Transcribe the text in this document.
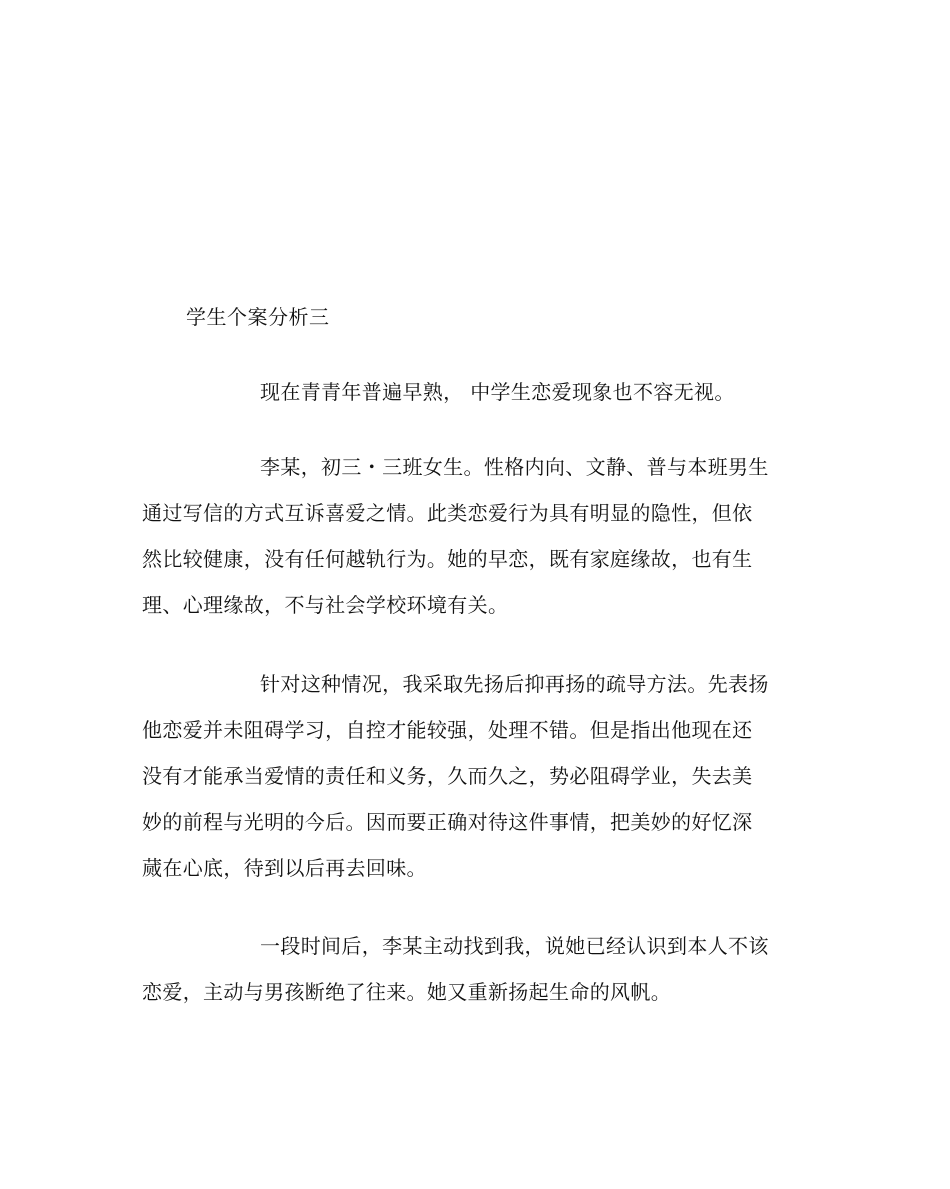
学生个案分析三
现在青青年普遍早熟， 中学生恋爱现象也不容无视。
李某，初三・三班女生。性格内向、文静、普与本班男生
通过写信的方式互诉喜爱之情。此类恋爱行为具有明显的隐性，但依
然比较健康，没有任何越轨行为。她的早恋，既有家庭缘故，也有生
理、心理缘故，不与社会学校环境有关。
针对这种情况，我采取先扬后抑再扬的疏导方法。先表扬
他恋爱并未阻碍学习，自控才能较强，处理不错。但是指出他现在还
没有才能承当爱情的责任和义务，久而久之，势必阻碍学业，失去美
妙的前程与光明的今后。因而要正确对待这件事情，把美妙的好忆深
蒇在心底，待到以后再去回味。
一段时间后，李某主动找到我，说她已经认识到本人不该
恋爱，主动与男孩断绝了往来。她又重新扬起生命的风帆。
